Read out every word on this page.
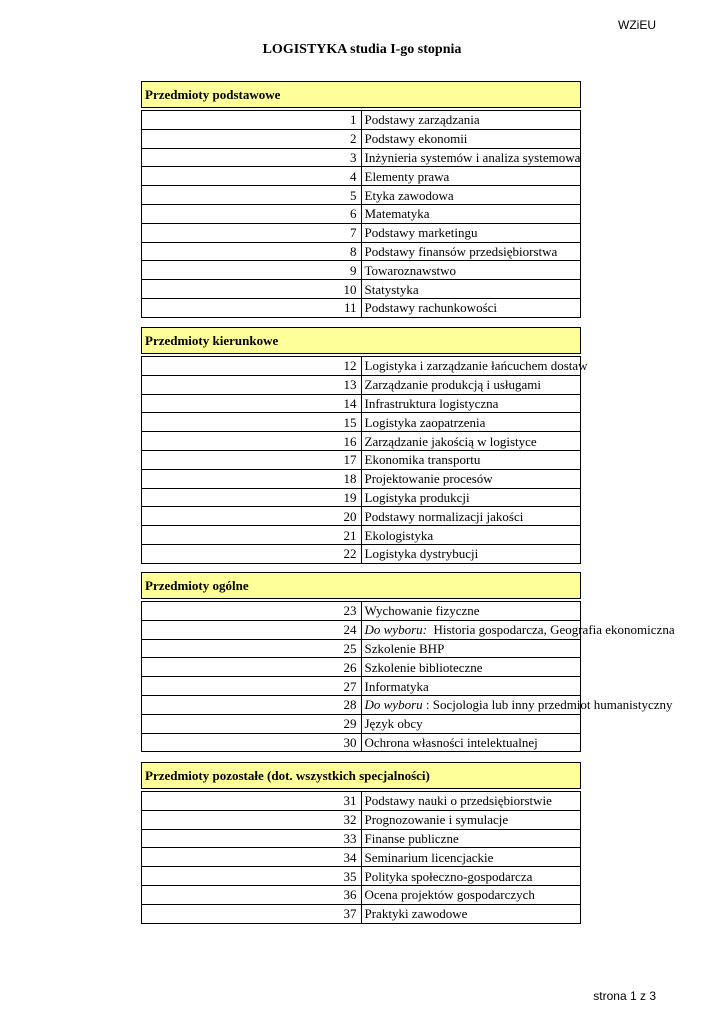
WZiEU
LOGISTYKA studia I-go stopnia
Przedmioty podstawowe	

1	Podstawy zarządzania
2	Podstawy ekonomii
3	Inżynieria systemów i analiza systemowa
4	Elementy prawa
5	Etyka zawodowa
6	Matematyka
7	Podstawy marketingu
8	Podstawy finansów przedsiębiorstwa
9	Towaroznawstwo
10	Statystyka
11	Podstawy rachunkowości
Przedmioty kierunkowe	

12	Logistyka i zarządzanie łańcuchem dostaw
13	Zarządzanie produkcją i usługami
14	Infrastruktura logistyczna
15	Logistyka zaopatrzenia
16	Zarządzanie jakością w logistyce
17	Ekonomika transportu
18	Projektowanie procesów
19	Logistyka produkcji
20	Podstawy normalizacji jakości
21	Ekologistyka
22	Logistyka dystrybucji
Przedmioty ogólne	

23	Wychowanie fizyczne
24	Do wyboru:  Historia gospodarcza, Geografia ekonomiczna
25	Szkolenie BHP
26	Szkolenie biblioteczne
27	Informatyka
28	Do wyboru : Socjologia lub inny przedmiot humanistyczny
29	Język obcy
30	Ochrona własności intelektualnej
Przedmioty pozostałe (dot. wszystkich specjalności)	

31	Podstawy nauki o przedsiębiorstwie
32	Prognozowanie i symulacje
33	Finanse publiczne
34	Seminarium licencjackie
35	Polityka społeczno-gospodarcza
36	Ocena projektów gospodarczych
37	Praktyki zawodowe
strona 1 z 3
